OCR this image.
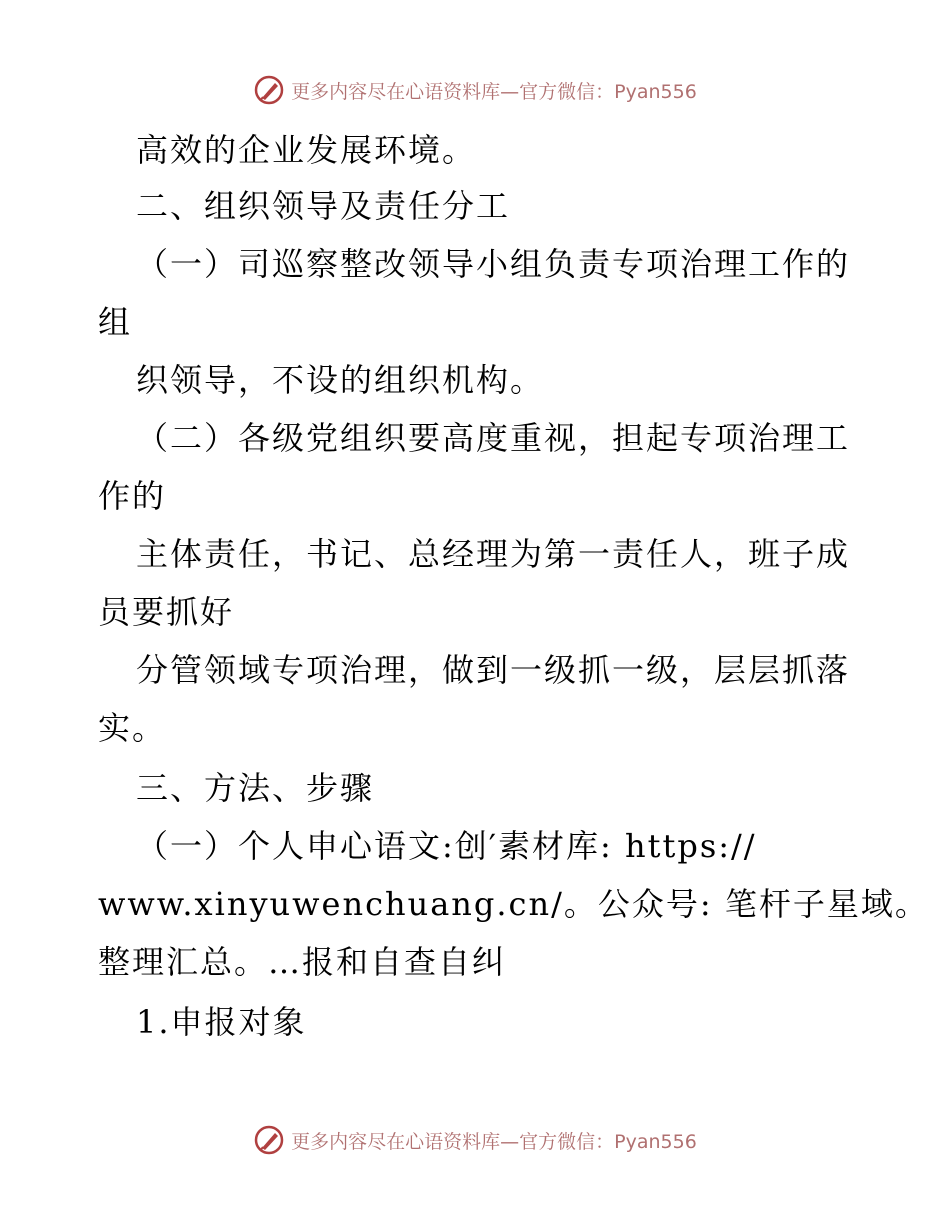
更多内容尽在心语资料库—官方微信：Pyan556
高效的企业发展环境。
二、组织领导及责任分工
（一）司巡察整改领导小组负责专项治理工作的
组
织领导，不设的组织机构。
（二）各级党组织要高度重视，担起专项治理工
作的
主体责任，书记、总经理为第一责任人，班子成
员要抓好
分管领域专项治理，做到一级抓一级，层层抓落
实。
三、方法、步骤
（一）个人申心语文:创′素材库: https://
www.xinyuwenchuang.cn/。公众号: 笔杆子星域。
整理汇总。…报和自查自纠
1.申报对象
更多内容尽在心语资料库—官方微信：Pyan556
